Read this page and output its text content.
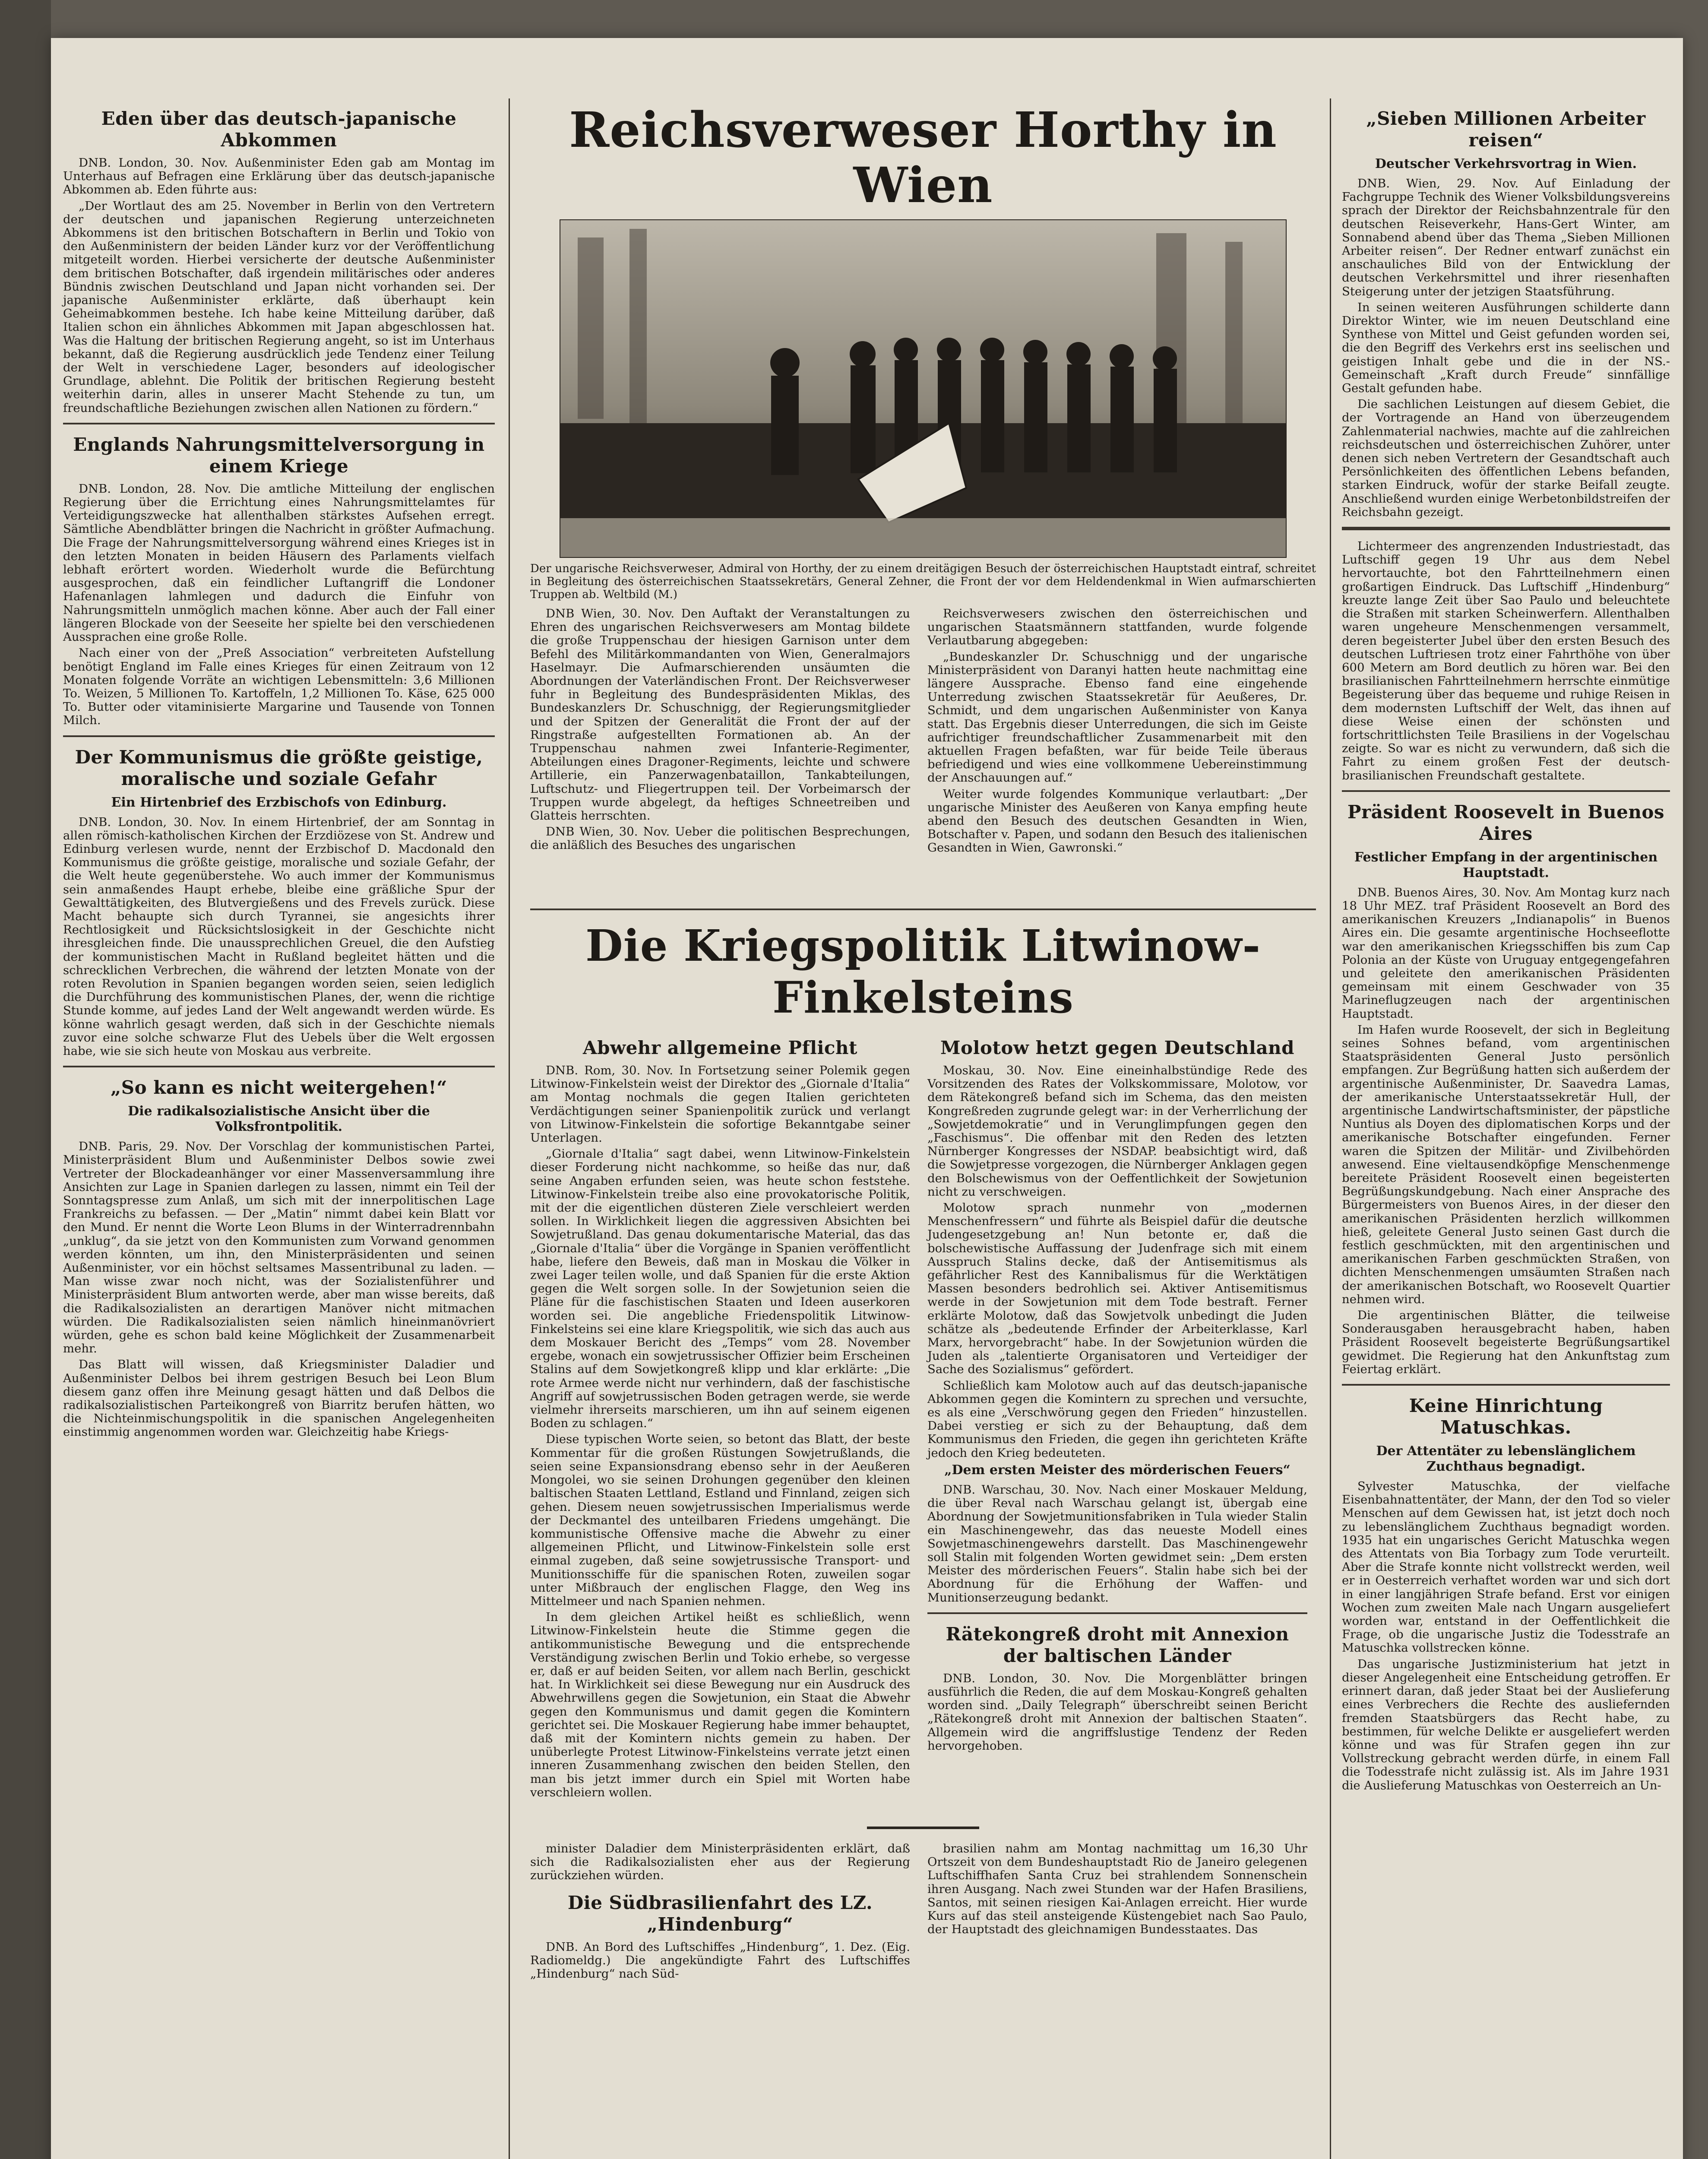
Eden über das deutsch-japanische Abkommen

DNB. London, 30. Nov. Außenminister Eden gab am Montag im Unterhaus auf Befragen eine Erklärung über das deutsch-japanische Abkommen ab. Eden führte aus:

„Der Wortlaut des am 25. November in Berlin von den Vertretern der deutschen und japanischen Regierung unterzeichneten Abkommens ist den britischen Botschaftern in Berlin und Tokio von den Außenministern der beiden Länder kurz vor der Veröffentlichung mitgeteilt worden. Hierbei versicherte der deutsche Außenminister dem britischen Botschafter, daß irgendein militärisches oder anderes Bündnis zwischen Deutschland und Japan nicht vorhanden sei. Der japanische Außenminister erklärte, daß überhaupt kein Geheimabkommen bestehe. Ich habe keine Mitteilung darüber, daß Italien schon ein ähnliches Abkommen mit Japan abgeschlossen hat. Was die Haltung der britischen Regierung angeht, so ist im Unterhaus bekannt, daß die Regierung ausdrücklich jede Tendenz einer Teilung der Welt in verschiedene Lager, besonders auf ideologischer Grundlage, ablehnt. Die Politik der britischen Regierung besteht weiterhin darin, alles in unserer Macht Stehende zu tun, um freundschaftliche Beziehungen zwischen allen Nationen zu fördern.“

Englands Nahrungsmittelversorgung in einem Kriege

DNB. London, 28. Nov. Die amtliche Mitteilung der englischen Regierung über die Errichtung eines Nahrungsmittelamtes für Verteidigungszwecke hat allenthalben stärkstes Aufsehen erregt. Sämtliche Abendblätter bringen die Nachricht in größter Aufmachung. Die Frage der Nahrungsmittelversorgung während eines Krieges ist in den letzten Monaten in beiden Häusern des Parlaments vielfach lebhaft erörtert worden. Wiederholt wurde die Befürchtung ausgesprochen, daß ein feindlicher Luftangriff die Londoner Hafenanlagen lahmlegen und dadurch die Einfuhr von Nahrungsmitteln unmöglich machen könne. Aber auch der Fall einer längeren Blockade von der Seeseite her spielte bei den verschiedenen Aussprachen eine große Rolle.

Nach einer von der „Preß Association“ verbreiteten Aufstellung benötigt England im Falle eines Krieges für einen Zeitraum von 12 Monaten folgende Vorräte an wichtigen Lebensmitteln: 3,6 Millionen To. Weizen, 5 Millionen To. Kartoffeln, 1,2 Millionen To. Käse, 625 000 To. Butter oder vitaminisierte Margarine und Tausende von Tonnen Milch.

Der Kommunismus die größte geistige, moralische und soziale Gefahr
Ein Hirtenbrief des Erzbischofs von Edinburg.

DNB. London, 30. Nov. In einem Hirtenbrief, der am Sonntag in allen römisch-katholischen Kirchen der Erzdiözese von St. Andrew und Edinburg verlesen wurde, nennt der Erzbischof D. Macdonald den Kommunismus die größte geistige, moralische und soziale Gefahr, der die Welt heute gegenüberstehe. Wo auch immer der Kommunismus sein anmaßendes Haupt erhebe, bleibe eine gräßliche Spur der Gewalttätigkeiten, des Blutvergießens und des Frevels zurück. Diese Macht behaupte sich durch Tyrannei, sie angesichts ihrer Rechtlosigkeit und Rücksichtslosigkeit in der Geschichte nicht ihresgleichen finde. Die unaussprechlichen Greuel, die den Aufstieg der kommunistischen Macht in Rußland begleitet hätten und die schrecklichen Verbrechen, die während der letzten Monate von der roten Revolution in Spanien begangen worden seien, seien lediglich die Durchführung des kommunistischen Planes, der, wenn die richtige Stunde komme, auf jedes Land der Welt angewandt werden würde. Es könne wahrlich gesagt werden, daß sich in der Geschichte niemals zuvor eine solche schwarze Flut des Uebels über die Welt ergossen habe, wie sie sich heute von Moskau aus verbreite.

„So kann es nicht weitergehen!“
Die radikalsozialistische Ansicht über die Volksfrontpolitik.

DNB. Paris, 29. Nov. Der Vorschlag der kommunistischen Partei, Ministerpräsident Blum und Außenminister Delbos sowie zwei Vertreter der Blockadeanhänger vor einer Massenversammlung ihre Ansichten zur Lage in Spanien darlegen zu lassen, nimmt ein Teil der Sonntagspresse zum Anlaß, um sich mit der innerpolitischen Lage Frankreichs zu befassen. — Der „Matin“ nimmt dabei kein Blatt vor den Mund. Er nennt die Worte Leon Blums in der Winterradrennbahn „unklug“, da sie jetzt von den Kommunisten zum Vorwand genommen werden könnten, um ihn, den Ministerpräsidenten und seinen Außenminister, vor ein höchst seltsames Massentribunal zu laden. — Man wisse zwar noch nicht, was der Sozialistenführer und Ministerpräsident Blum antworten werde, aber man wisse bereits, daß die Radikalsozialisten an derartigen Manöver nicht mitmachen würden. Die Radikalsozialisten seien nämlich hineinmanövriert würden, gehe es schon bald keine Möglichkeit der Zusammenarbeit mehr.

Das Blatt will wissen, daß Kriegsminister Daladier und Außenminister Delbos bei ihrem gestrigen Besuch bei Leon Blum diesem ganz offen ihre Meinung gesagt hätten und daß Delbos die radikalsozialistischen Parteikongreß von Biarritz berufen hätten, wo die Nichteinmischungspolitik in die spanischen Angelegenheiten einstimmig angenommen worden war. Gleichzeitig habe Kriegs-

Reichsverweser Horthy in Wien
Der ungarische Reichsverweser, Admiral von Horthy, der zu einem dreitägigen Besuch der österreichischen Hauptstadt eintraf, schreitet in Begleitung des österreichischen Staatssekretärs, General Zehner, die Front der vor dem Heldendenkmal in Wien aufmarschierten Truppen ab. Weltbild (M.)

DNB Wien, 30. Nov. Den Auftakt der Veranstaltungen zu Ehren des ungarischen Reichsverwesers am Montag bildete die große Truppenschau der hiesigen Garnison unter dem Befehl des Militärkommandanten von Wien, Generalmajors Haselmayr. Die Aufmarschierenden unsäumten die Abordnungen der Vaterländischen Front. Der Reichsverweser fuhr in Begleitung des Bundespräsidenten Miklas, des Bundeskanzlers Dr. Schuschnigg, der Regierungsmitglieder und der Spitzen der Generalität die Front der auf der Ringstraße aufgestellten Formationen ab. An der Truppenschau nahmen zwei Infanterie-Regimenter, Abteilungen eines Dragoner-Regiments, leichte und schwere Artillerie, ein Panzerwagenbataillon, Tankabteilungen, Luftschutz- und Fliegertruppen teil. Der Vorbeimarsch der Truppen wurde abgelegt, da heftiges Schneetreiben und Glatteis herrschten.

DNB Wien, 30. Nov. Ueber die politischen Besprechungen, die anläßlich des Besuches des ungarischen

Reichsverwesers zwischen den österreichischen und ungarischen Staatsmännern stattfanden, wurde folgende Verlautbarung abgegeben:

„Bundeskanzler Dr. Schuschnigg und der ungarische Ministerpräsident von Daranyi hatten heute nachmittag eine längere Aussprache. Ebenso fand eine eingehende Unterredung zwischen Staatssekretär für Aeußeres, Dr. Schmidt, und dem ungarischen Außenminister von Kanya statt. Das Ergebnis dieser Unterredungen, die sich im Geiste aufrichtiger freundschaftlicher Zusammenarbeit mit den aktuellen Fragen befaßten, war für beide Teile überaus befriedigend und wies eine vollkommene Uebereinstimmung der Anschauungen auf.“

Weiter wurde folgendes Kommunique verlautbart: „Der ungarische Minister des Aeußeren von Kanya empfing heute abend den Besuch des deutschen Gesandten in Wien, Botschafter v. Papen, und sodann den Besuch des italienischen Gesandten in Wien, Gawronski.“

Die Kriegspolitik Litwinow-Finkelsteins
Abwehr allgemeine Pflicht

DNB. Rom, 30. Nov. In Fortsetzung seiner Polemik gegen Litwinow-Finkelstein weist der Direktor des „Giornale d'Italia“ am Montag nochmals die gegen Italien gerichteten Verdächtigungen seiner Spanienpolitik zurück und verlangt von Litwinow-Finkelstein die sofortige Bekanntgabe seiner Unterlagen.

„Giornale d'Italia“ sagt dabei, wenn Litwinow-Finkelstein dieser Forderung nicht nachkomme, so heiße das nur, daß seine Angaben erfunden seien, was heute schon feststehe. Litwinow-Finkelstein treibe also eine provokatorische Politik, mit der die eigentlichen düsteren Ziele verschleiert werden sollen. In Wirklichkeit liegen die aggressiven Absichten bei Sowjetrußland. Das genau dokumentarische Material, das das „Giornale d'Italia“ über die Vorgänge in Spanien veröffentlicht habe, liefere den Beweis, daß man in Moskau die Völker in zwei Lager teilen wolle, und daß Spanien für die erste Aktion gegen die Welt sorgen solle. In der Sowjetunion seien die Pläne für die faschistischen Staaten und Ideen auserkoren worden sei. Die angebliche Friedenspolitik Litwinow-Finkelsteins sei eine klare Kriegspolitik, wie sich das auch aus dem Moskauer Bericht des „Temps“ vom 28. November ergebe, wonach ein sowjetrussischer Offizier beim Erscheinen Stalins auf dem Sowjetkongreß klipp und klar erklärte: „Die rote Armee werde nicht nur verhindern, daß der faschistische Angriff auf sowjetrussischen Boden getragen werde, sie werde vielmehr ihrerseits marschieren, um ihn auf seinem eigenen Boden zu schlagen.“

Diese typischen Worte seien, so betont das Blatt, der beste Kommentar für die großen Rüstungen Sowjetrußlands, die seien seine Expansionsdrang ebenso sehr in der Aeußeren Mongolei, wo sie seinen Drohungen gegenüber den kleinen baltischen Staaten Lettland, Estland und Finnland, zeigen sich gehen. Diesem neuen sowjetrussischen Imperialismus werde der Deckmantel des unteilbaren Friedens umgehängt. Die kommunistische Offensive mache die Abwehr zu einer allgemeinen Pflicht, und Litwinow-Finkelstein solle erst einmal zugeben, daß seine sowjetrussische Transport- und Munitionsschiffe für die spanischen Roten, zuweilen sogar unter Mißbrauch der englischen Flagge, den Weg ins Mittelmeer und nach Spanien nehmen.

In dem gleichen Artikel heißt es schließlich, wenn Litwinow-Finkelstein heute die Stimme gegen die antikommunistische Bewegung und die entsprechende Verständigung zwischen Berlin und Tokio erhebe, so vergesse er, daß er auf beiden Seiten, vor allem nach Berlin, geschickt hat. In Wirklichkeit sei diese Bewegung nur ein Ausdruck des Abwehrwillens gegen die Sowjetunion, ein Staat die Abwehr gegen den Kommunismus und damit gegen die Komintern gerichtet sei. Die Moskauer Regierung habe immer behauptet, daß mit der Komintern nichts gemein zu haben. Der unüberlegte Protest Litwinow-Finkelsteins verrate jetzt einen inneren Zusammenhang zwischen den beiden Stellen, den man bis jetzt immer durch ein Spiel mit Worten habe verschleiern wollen.

Molotow hetzt gegen Deutschland

Moskau, 30. Nov. Eine eineinhalbstündige Rede des Vorsitzenden des Rates der Volkskommissare, Molotow, vor dem Rätekongreß befand sich im Schema, das den meisten Kongreßreden zugrunde gelegt war: in der Verherrlichung der „Sowjetdemokratie“ und in Verunglimpfungen gegen den „Faschismus“. Die offenbar mit den Reden des letzten Nürnberger Kongresses der NSDAP. beabsichtigt wird, daß die Sowjetpresse vorgezogen, die Nürnberger Anklagen gegen den Bolschewismus von der Oeffentlichkeit der Sowjetunion nicht zu verschweigen.

Molotow sprach nunmehr von „modernen Menschenfressern“ und führte als Beispiel dafür die deutsche Judengesetzgebung an! Nun betonte er, daß die bolschewistische Auffassung der Judenfrage sich mit einem Ausspruch Stalins decke, daß der Antisemitismus als gefährlicher Rest des Kannibalismus für die Werktätigen Massen besonders bedrohlich sei. Aktiver Antisemitismus werde in der Sowjetunion mit dem Tode bestraft. Ferner erklärte Molotow, daß das Sowjetvolk unbedingt die Juden schätze als „bedeutende Erfinder der Arbeiterklasse, Karl Marx, hervorgebracht“ habe. In der Sowjetunion würden die Juden als „talentierte Organisatoren und Verteidiger der Sache des Sozialismus“ gefördert.

Schließlich kam Molotow auch auf das deutsch-japanische Abkommen gegen die Komintern zu sprechen und versuchte, es als eine „Verschwörung gegen den Frieden“ hinzustellen. Dabei verstieg er sich zu der Behauptung, daß dem Kommunismus den Frieden, die gegen ihn gerichteten Kräfte jedoch den Krieg bedeuteten.

„Dem ersten Meister des mörderischen Feuers“

DNB. Warschau, 30. Nov. Nach einer Moskauer Meldung, die über Reval nach Warschau gelangt ist, übergab eine Abordnung der Sowjetmunitionsfabriken in Tula wieder Stalin ein Maschinengewehr, das das neueste Modell eines Sowjetmaschinengewehrs darstellt. Das Maschinengewehr soll Stalin mit folgenden Worten gewidmet sein: „Dem ersten Meister des mörderischen Feuers“. Stalin habe sich bei der Abordnung für die Erhöhung der Waffen- und Munitionserzeugung bedankt.

Rätekongreß droht mit Annexion der baltischen Länder

DNB. London, 30. Nov. Die Morgenblätter bringen ausführlich die Reden, die auf dem Moskau-Kongreß gehalten worden sind. „Daily Telegraph“ überschreibt seinen Bericht „Rätekongreß droht mit Annexion der baltischen Staaten“. Allgemein wird die angriffslustige Tendenz der Reden hervorgehoben.

minister Daladier dem Ministerpräsidenten erklärt, daß sich die Radikalsozialisten eher aus der Regierung zurückziehen würden.

Die Südbrasilienfahrt des LZ. „Hindenburg“

DNB. An Bord des Luftschiffes „Hindenburg“, 1. Dez. (Eig. Radiomeldg.) Die angekündigte Fahrt des Luftschiffes „Hindenburg“ nach Süd-

brasilien nahm am Montag nachmittag um 16,30 Uhr Ortszeit von dem Bundeshauptstadt Rio de Janeiro gelegenen Luftschiffhafen Santa Cruz bei strahlendem Sonnenschein ihren Ausgang. Nach zwei Stunden war der Hafen Brasiliens, Santos, mit seinen riesigen Kai-Anlagen erreicht. Hier wurde Kurs auf das steil ansteigende Küstengebiet nach Sao Paulo, der Hauptstadt des gleichnamigen Bundesstaates. Das

„Sieben Millionen Arbeiter reisen“
Deutscher Verkehrsvortrag in Wien.

DNB. Wien, 29. Nov. Auf Einladung der Fachgruppe Technik des Wiener Volksbildungsvereins sprach der Direktor der Reichsbahnzentrale für den deutschen Reiseverkehr, Hans-Gert Winter, am Sonnabend abend über das Thema „Sieben Millionen Arbeiter reisen“. Der Redner entwarf zunächst ein anschauliches Bild von der Entwicklung der deutschen Verkehrsmittel und ihrer riesenhaften Steigerung unter der jetzigen Staatsführung.

In seinen weiteren Ausführungen schilderte dann Direktor Winter, wie im neuen Deutschland eine Synthese von Mittel und Geist gefunden worden sei, die den Begriff des Verkehrs erst ins seelischen und geistigen Inhalt gebe und die in der NS.-Gemeinschaft „Kraft durch Freude“ sinnfällige Gestalt gefunden habe.

Die sachlichen Leistungen auf diesem Gebiet, die der Vortragende an Hand von überzeugendem Zahlenmaterial nachwies, machte auf die zahlreichen reichsdeutschen und österreichischen Zuhörer, unter denen sich neben Vertretern der Gesandtschaft auch Persönlichkeiten des öffentlichen Lebens befanden, starken Eindruck, wofür der starke Beifall zeugte. Anschließend wurden einige Werbetonbildstreifen der Reichsbahn gezeigt.

Lichtermeer des angrenzenden Industriestadt, das Luftschiff gegen 19 Uhr aus dem Nebel hervortauchte, bot den Fahrtteilnehmern einen großartigen Eindruck. Das Luftschiff „Hindenburg“ kreuzte lange Zeit über Sao Paulo und beleuchtete die Straßen mit starken Scheinwerfern. Allenthalben waren ungeheure Menschenmengen versammelt, deren begeisterter Jubel über den ersten Besuch des deutschen Luftriesen trotz einer Fahrthöhe von über 600 Metern am Bord deutlich zu hören war. Bei den brasilianischen Fahrtteilnehmern herrschte einmütige Begeisterung über das bequeme und ruhige Reisen in dem modernsten Luftschiff der Welt, das ihnen auf diese Weise einen der schönsten und fortschrittlichsten Teile Brasiliens in der Vogelschau zeigte. So war es nicht zu verwundern, daß sich die Fahrt zu einem großen Fest der deutsch-brasilianischen Freundschaft gestaltete.

Präsident Roosevelt in Buenos Aires
Festlicher Empfang in der argentinischen Hauptstadt.

DNB. Buenos Aires, 30. Nov. Am Montag kurz nach 18 Uhr MEZ. traf Präsident Roosevelt an Bord des amerikanischen Kreuzers „Indianapolis“ in Buenos Aires ein. Die gesamte argentinische Hochseeflotte war den amerikanischen Kriegsschiffen bis zum Cap Polonia an der Küste von Uruguay entgegengefahren und geleitete den amerikanischen Präsidenten gemeinsam mit einem Geschwader von 35 Marineflugzeugen nach der argentinischen Hauptstadt.

Im Hafen wurde Roosevelt, der sich in Begleitung seines Sohnes befand, vom argentinischen Staatspräsidenten General Justo persönlich empfangen. Zur Begrüßung hatten sich außerdem der argentinische Außenminister, Dr. Saavedra Lamas, der amerikanische Unterstaatssekretär Hull, der argentinische Landwirtschaftsminister, der päpstliche Nuntius als Doyen des diplomatischen Korps und der amerikanische Botschafter eingefunden. Ferner waren die Spitzen der Militär- und Zivilbehörden anwesend. Eine vieltausendköpfige Menschenmenge bereitete Präsident Roosevelt einen begeisterten Begrüßungskundgebung. Nach einer Ansprache des Bürgermeisters von Buenos Aires, in der dieser den amerikanischen Präsidenten herzlich willkommen hieß, geleitete General Justo seinen Gast durch die festlich geschmückten, mit den argentinischen und amerikanischen Farben geschmückten Straßen, von dichten Menschenmengen umsäumten Straßen nach der amerikanischen Botschaft, wo Roosevelt Quartier nehmen wird.

Die argentinischen Blätter, die teilweise Sonderausgaben herausgebracht haben, haben Präsident Roosevelt begeisterte Begrüßungsartikel gewidmet. Die Regierung hat den Ankunftstag zum Feiertag erklärt.

Keine Hinrichtung Matuschkas.
Der Attentäter zu lebenslänglichem Zuchthaus begnadigt.

Sylvester Matuschka, der vielfache Eisenbahnattentäter, der Mann, der den Tod so vieler Menschen auf dem Gewissen hat, ist jetzt doch noch zu lebenslänglichem Zuchthaus begnadigt worden. 1935 hat ein ungarisches Gericht Matuschka wegen des Attentats von Bia Torbagy zum Tode verurteilt. Aber die Strafe konnte nicht vollstreckt werden, weil er in Oesterreich verhaftet worden war und sich dort in einer langjährigen Strafe befand. Erst vor einigen Wochen zum zweiten Male nach Ungarn ausgeliefert worden war, entstand in der Oeffentlichkeit die Frage, ob die ungarische Justiz die Todesstrafe an Matuschka vollstrecken könne.

Das ungarische Justizministerium hat jetzt in dieser Angelegenheit eine Entscheidung getroffen. Er erinnert daran, daß jeder Staat bei der Auslieferung eines Verbrechers die Rechte des ausliefernden fremden Staatsbürgers das Recht habe, zu bestimmen, für welche Delikte er ausgeliefert werden könne und was für Strafen gegen ihn zur Vollstreckung gebracht werden dürfe, in einem Fall die Todesstrafe nicht zulässig ist. Als im Jahre 1931 die Auslieferung Matuschkas von Oesterreich an Un-
